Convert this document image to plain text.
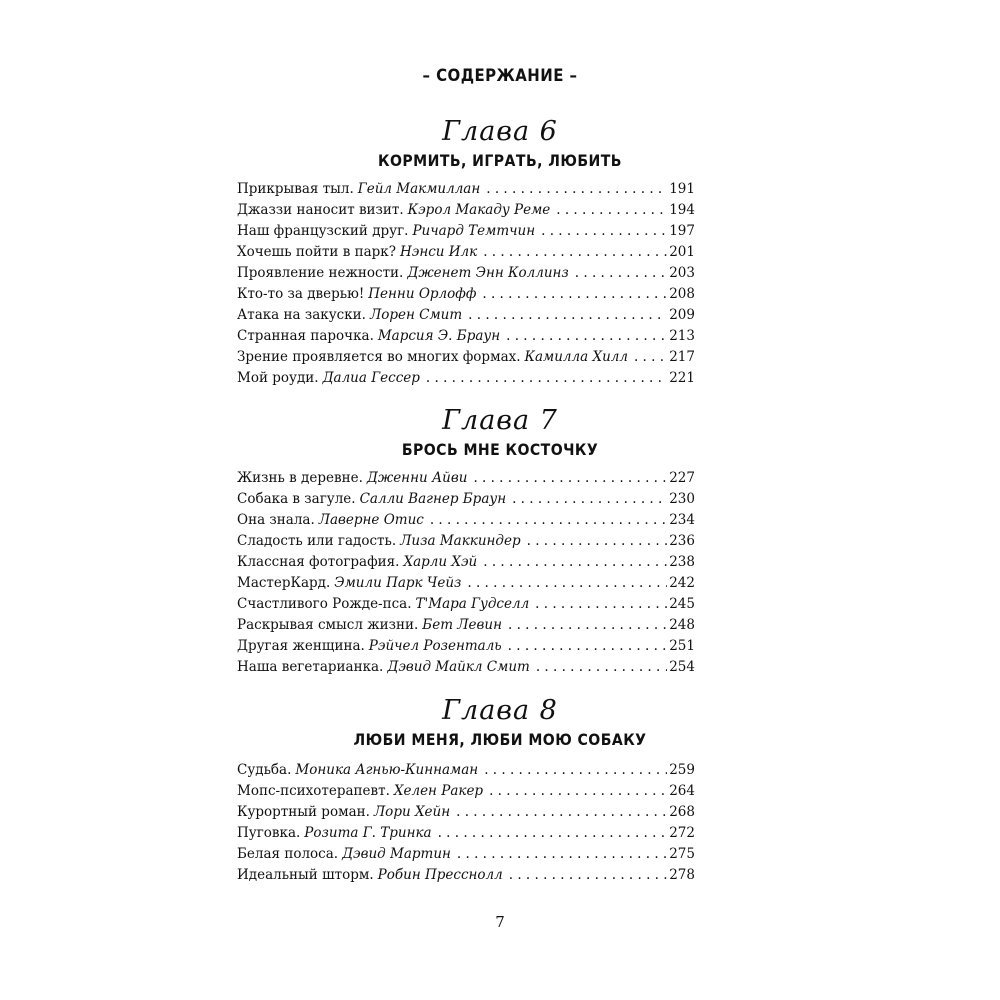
– СОДЕРЖАНИЕ –
Глава 6
КОРМИТЬ, ИГРАТЬ, ЛЮБИТЬ
Прикрывая тыл. Гейл Макмиллан . . .	191
Джаззи наносит визит. Кэрол Макаду Реме . . .	194
Наш французский друг. Ричард Темтчин . . .	197
Хочешь пойти в парк? Нэнси Илк . . .	201
Проявление нежности. Дженет Энн Коллинз . . .	203
Кто-то за дверью! Пенни Орлофф . . .	208
Атака на закуски. Лорен Смит . . .	209
Странная парочка. Марсия Э. Браун . . .	213
Зрение проявляется во многих формах. Камилла Хилл . . .	217
Мой роуди. Далиа Гессер . . .	221
Глава 7
БРОСЬ МНЕ КОСТОЧКУ
Жизнь в деревне. Дженни Айви . . .	227
Собака в загуле. Салли Вагнер Браун . . .	230
Она знала. Лаверне Отис . . .	234
Сладость или гадость. Лиза Маккиндер . . .	236
Классная фотография. Харли Хэй . . .	238
МастерКард. Эмили Парк Чейз . . .	242
Счастливого Рожде-пса. Т'Мара Гудселл . . .	245
Раскрывая смысл жизни. Бет Левин . . .	248
Другая женщина. Рэйчел Розенталь . . .	251
Наша вегетарианка. Дэвид Майкл Смит . . .	254
Глава 8
ЛЮБИ МЕНЯ, ЛЮБИ МОЮ СОБАКУ
Судьба. Моника Агнью-Киннаман . . .	259
Мопс-психотерапевт. Хелен Ракер . . .	264
Курортный роман. Лори Хейн . . .	268
Пуговка. Розита Г. Тринка . . .	272
Белая полоса. Дэвид Мартин . . .	275
Идеальный шторм. Робин Пресснолл . . .	278
7
